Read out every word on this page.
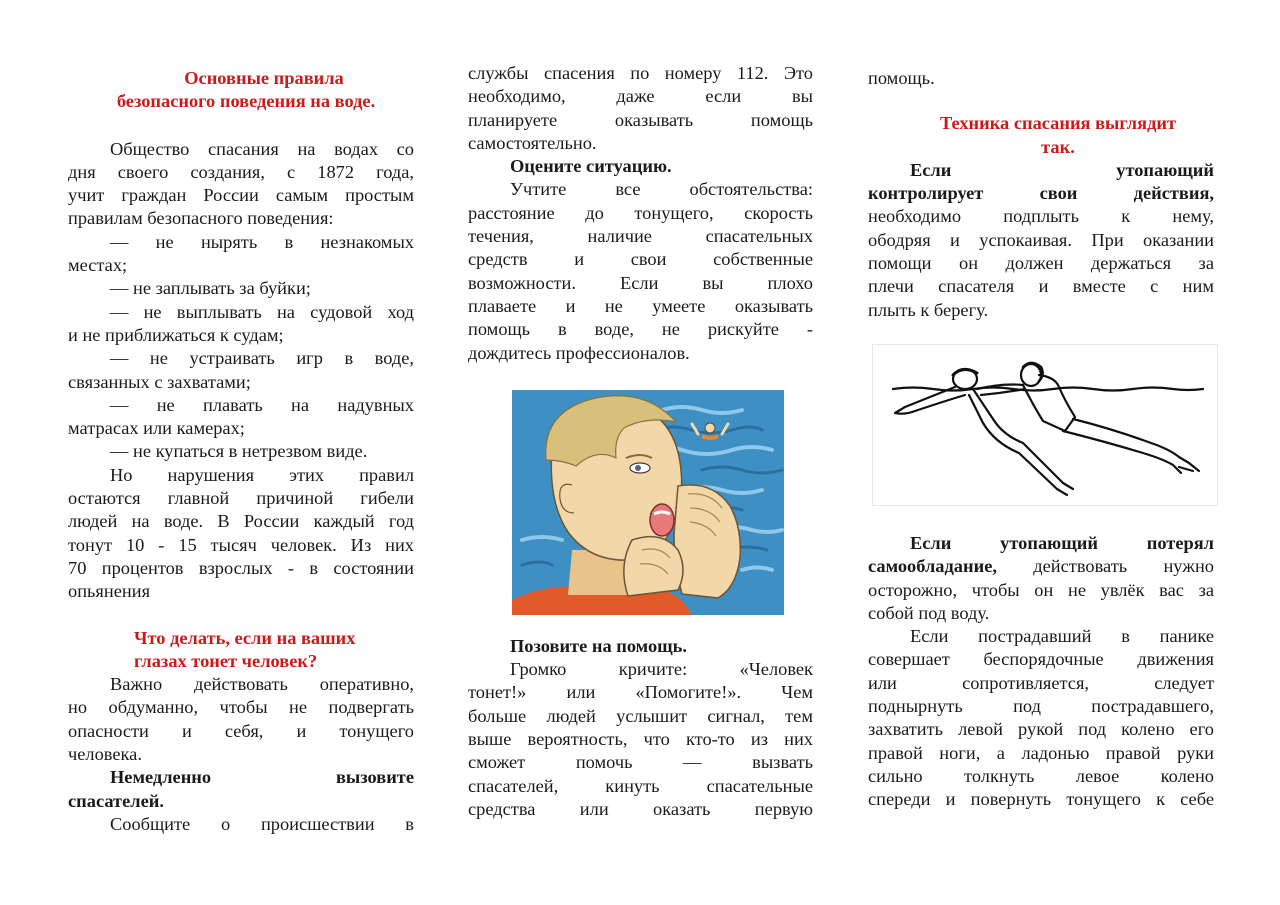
Основные правила

безопасного поведения на воде.

Общество спасания на водах со

дня своего создания, с 1872 года,

учит граждан России самым простым

правилам безопасного поведения:

— не нырять в незнакомых

местах;

— не заплывать за буйки;

— не выплывать на судовой ход

и не приближаться к судам;

— не устраивать игр в воде,

связанных с захватами;

— не плавать на надувных

матрасах или камерах;

— не купаться в нетрезвом виде.

Но нарушения этих правил

остаются главной причиной гибели

людей на воде. В России каждый год

тонут 10 - 15 тысяч человек. Из них

70 процентов взрослых - в состоянии

опьянения

Что делать, если на ваших

глазах тонет человек?

Важно действовать оперативно,

но обдуманно, чтобы не подвергать

опасности и себя, и тонущего

человека.

Немедленно вызовите

спасателей.

Сообщите о происшествии в

службы спасения по номеру 112. Это

необходимо, даже если вы

планируете оказывать помощь

самостоятельно.

Оцените ситуацию.

Учтите все обстоятельства:

расстояние до тонущего, скорость

течения, наличие спасательных

средств и свои собственные

возможности. Если вы плохо

плаваете и не умеете оказывать

помощь в воде, не рискуйте -

дождитесь профессионалов.

Позовите на помощь.

Громко кричите: «Человек

тонет!» или «Помогите!». Чем

больше людей услышит сигнал, тем

выше вероятность, что кто-то из них

сможет помочь — вызвать

спасателей, кинуть спасательные

средства или оказать первую

помощь.

Техника спасания выглядит

так.

Если утопающий

контролирует свои действия,

необходимо подплыть к нему,

ободряя и успокаивая. При оказании

помощи он должен держаться за

плечи спасателя и вместе с ним

плыть к берегу.

Если утопающий потерял

самообладание, действовать нужно

осторожно, чтобы он не увлёк вас за

собой под воду.

Если пострадавший в панике

совершает беспорядочные движения

или сопротивляется, следует

поднырнуть под пострадавшего,

захватить левой рукой под колено его

правой ноги, а ладонью правой руки

сильно толкнуть левое колено

спереди и повернуть тонущего к себе
